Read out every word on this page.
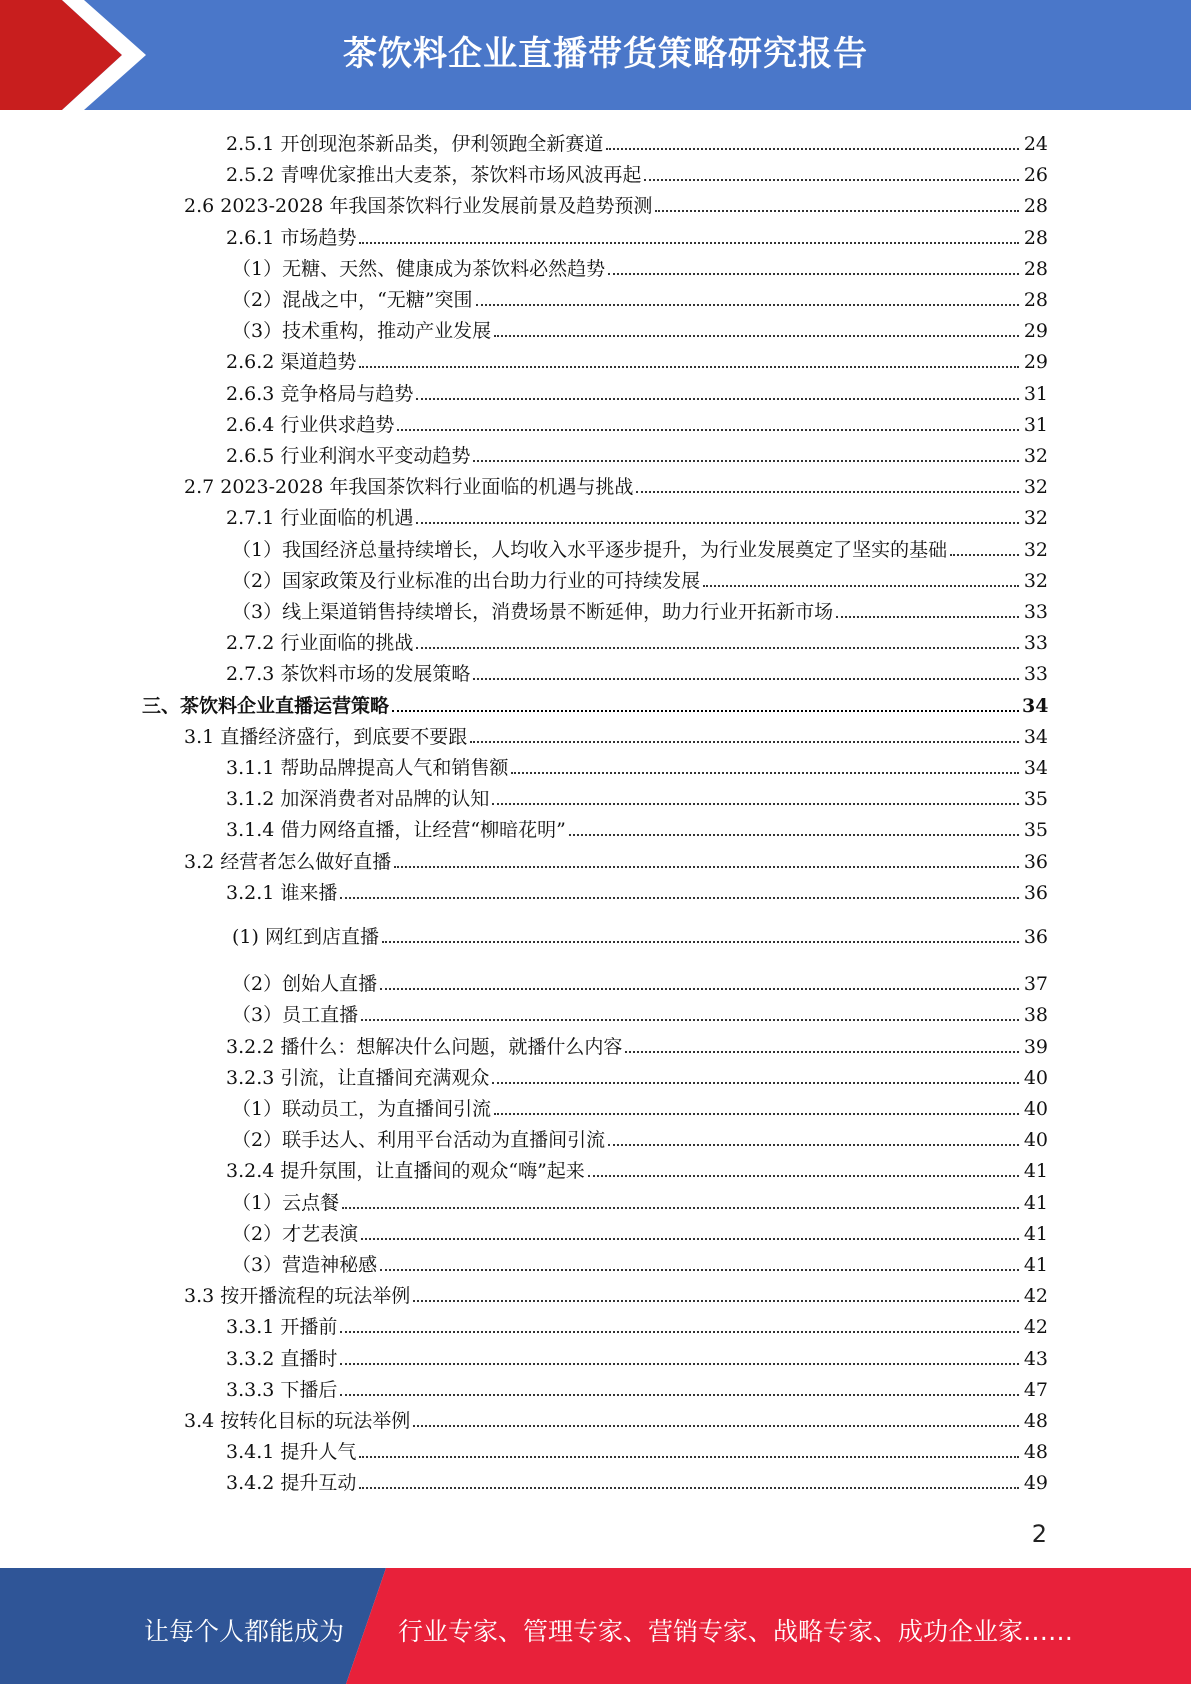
茶饮料企业直播带货策略研究报告
2.5.1 开创现泡茶新品类，伊利领跑全新赛道	24
2.5.2 青啤优家推出大麦茶，茶饮料市场风波再起	26
2.6 2023-2028 年我国茶饮料行业发展前景及趋势预测	28
2.6.1 市场趋势	28
（1）无糖、天然、健康成为茶饮料必然趋势	28
（2）混战之中，“无糖”突围	28
（3）技术重构，推动产业发展	29
2.6.2 渠道趋势	29
2.6.3 竞争格局与趋势	31
2.6.4 行业供求趋势	31
2.6.5 行业利润水平变动趋势	32
2.7 2023-2028 年我国茶饮料行业面临的机遇与挑战	32
2.7.1 行业面临的机遇	32
（1）我国经济总量持续增长，人均收入水平逐步提升，为行业发展奠定了坚实的基础	32
（2）国家政策及行业标准的出台助力行业的可持续发展	32
（3）线上渠道销售持续增长，消费场景不断延伸，助力行业开拓新市场	33
2.7.2 行业面临的挑战	33
2.7.3 茶饮料市场的发展策略	33
三、茶饮料企业直播运营策略	34
3.1 直播经济盛行，到底要不要跟	34
3.1.1 帮助品牌提高人气和销售额	34
3.1.2 加深消费者对品牌的认知	35
3.1.4 借力网络直播，让经营“柳暗花明”	35
3.2 经营者怎么做好直播	36
3.2.1 谁来播	36
(1) 网红到店直播	36
（2）创始人直播	37
（3）员工直播	38
3.2.2 播什么：想解决什么问题，就播什么内容	39
3.2.3 引流，让直播间充满观众	40
（1）联动员工，为直播间引流	40
（2）联手达人、利用平台活动为直播间引流	40
3.2.4 提升氛围，让直播间的观众“嗨”起来	41
（1）云点餐	41
（2）才艺表演	41
（3）营造神秘感	41
3.3 按开播流程的玩法举例	42
3.3.1 开播前	42
3.3.2 直播时	43
3.3.3 下播后	47
3.4 按转化目标的玩法举例	48
3.4.1 提升人气	48
3.4.2 提升互动	49
2
让每个人都能成为 行业专家、管理专家、营销专家、战略专家、成功企业家……
